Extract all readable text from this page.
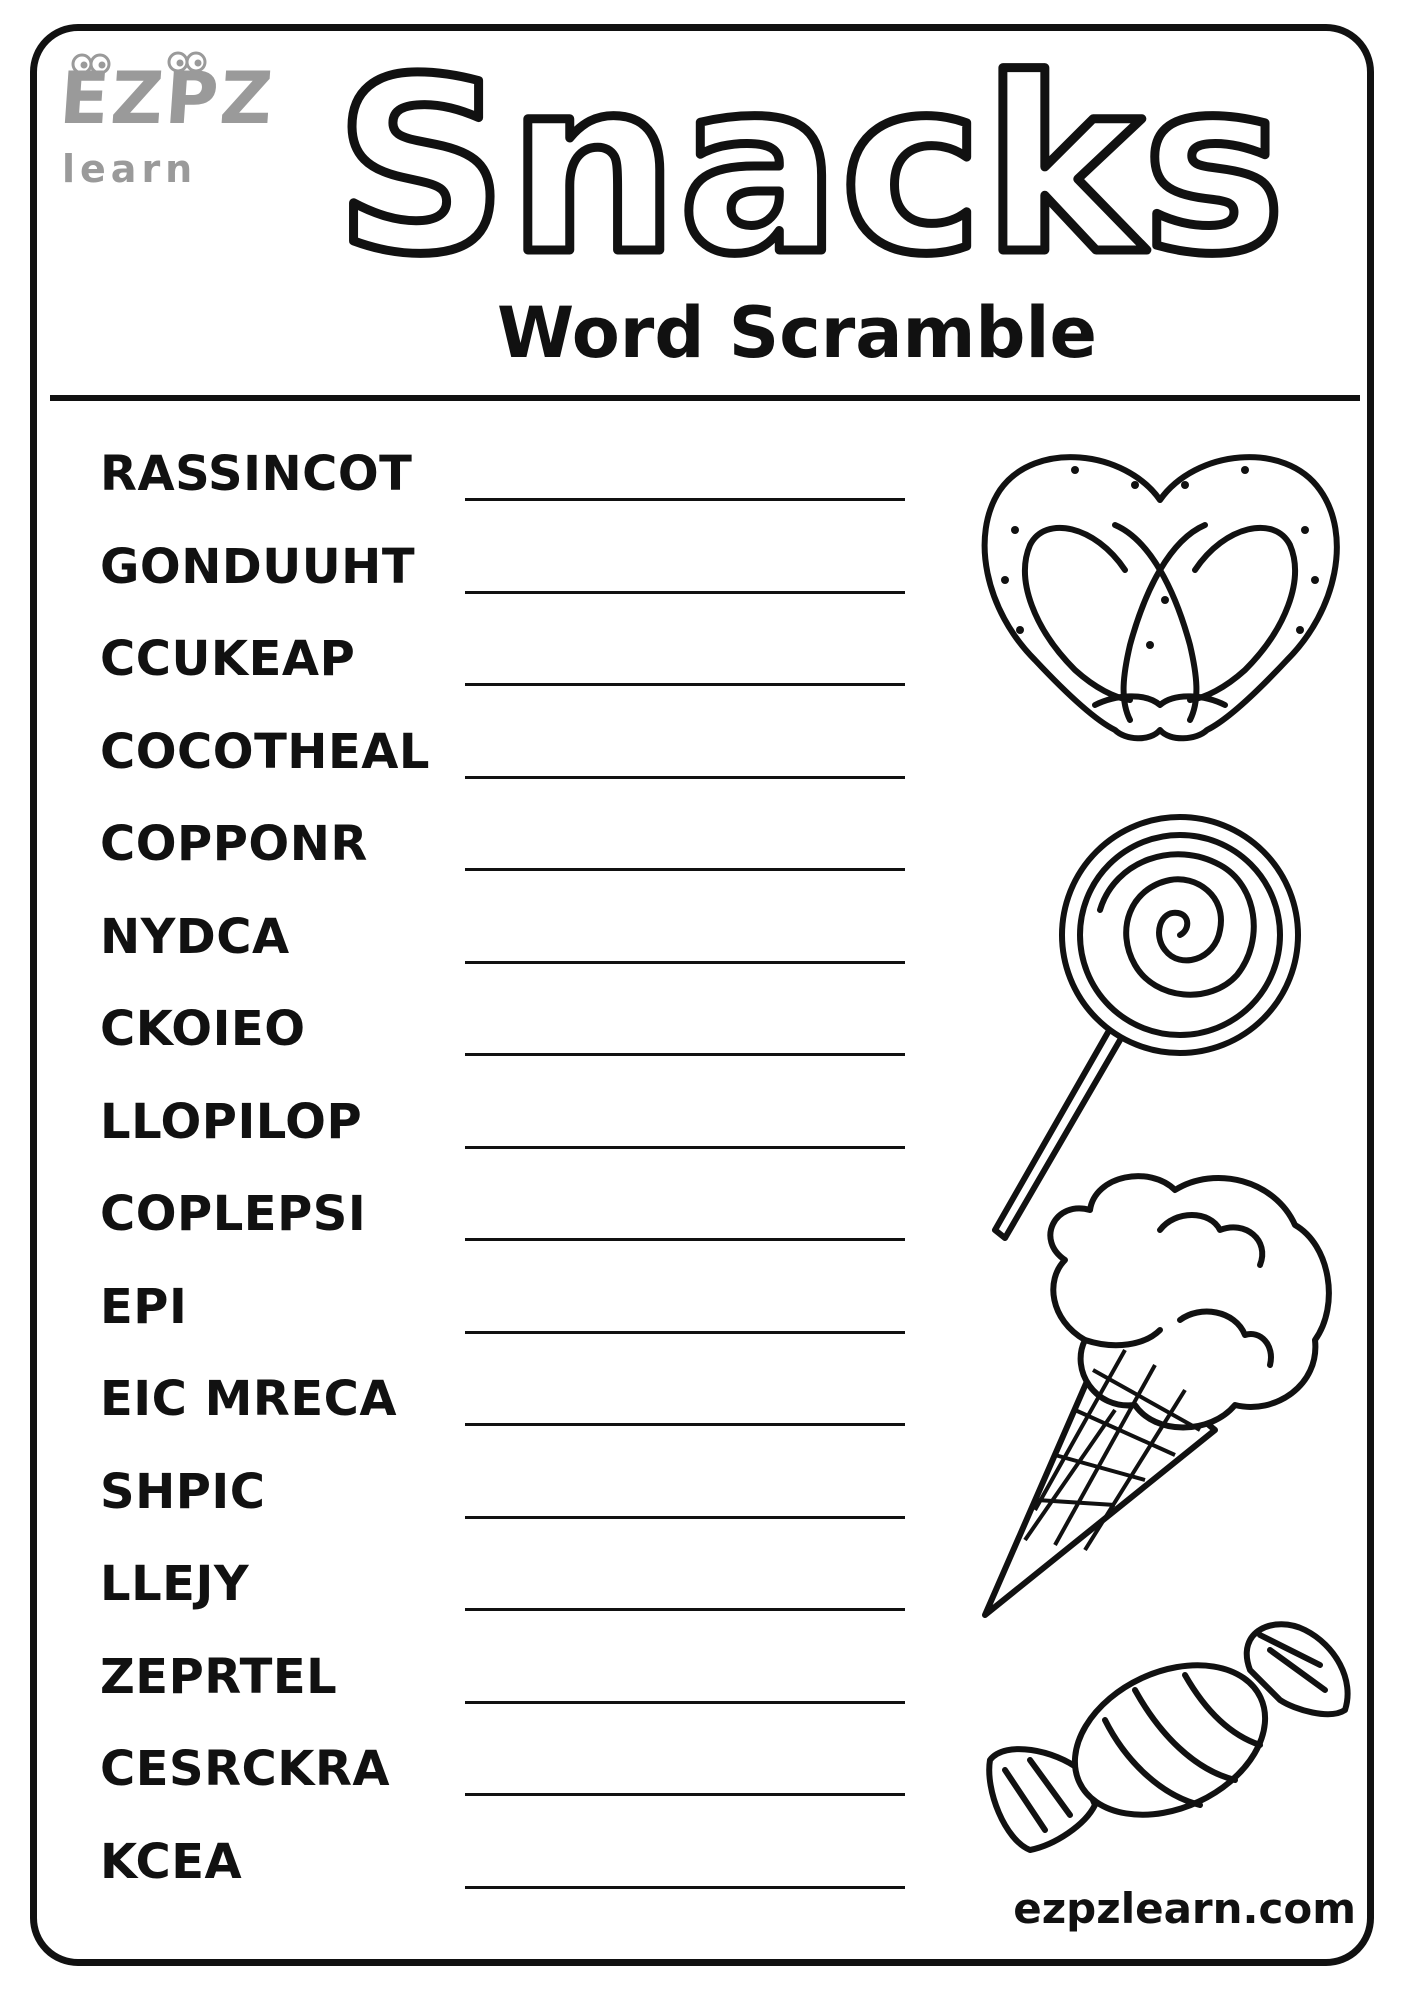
EZPZ
learn Snacks
Word Scramble
RASSINCOT
GONDUUHT
CCUKEAP
COCOTHEAL
COPPONR
NYDCA
CKOIEO
LLOPILOP
COPLEPSI
EPI
EIC MRECA
SHPIC
LLEJY
ZEPRTEL
CESRCKRA
KCEA
ezpzlearn.com
